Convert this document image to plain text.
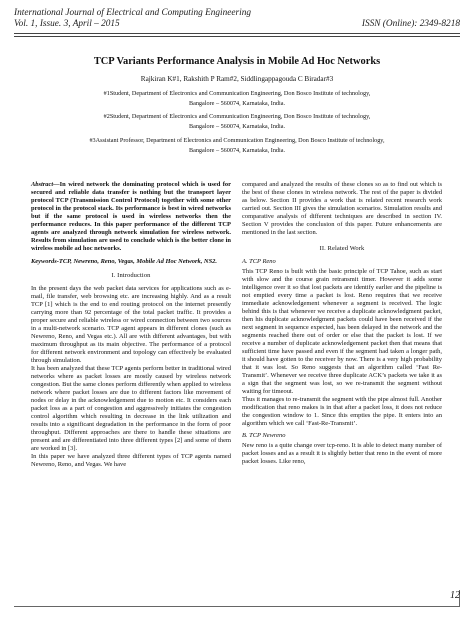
International Journal of Electrical and Computing Engineering
Vol. 1, Issue. 3, April – 2015	ISSN (Online): 2349-8218
TCP Variants Performance Analysis in Mobile Ad Hoc Networks
Rajkiran K#1, Rakshith P Ram#2, Siddlingappagouda C Biradar#3
#1Student, Department of Electronics and Communication Engineering, Don Bosco Institute of technology,
Bangalore – 560074, Karnataka, India.
#2Student, Department of Electronics and Communication Engineering, Don Bosco Institute of technology,
Bangalore – 560074, Karnataka, India.
#3Assistant Professor, Department of Electronics and Communication Engineering, Don Bosco Institute of technology,
Bangalore – 560074, Karnataka, India.

Abstract—In wired network the dominating protocol which is used for secured and reliable data transfer is nothing but the transport layer protocol TCP (Transmission Control Protocol) together with some other protocol in the protocol stack. Its performance is best in wired networks but if the same protocol is used in wireless networks then the performance reduces. In this paper performance of the different TCP agents are analyzed through network simulation for wireless network. Results from simulation are used to conclude which is the better clone in wireless mobile ad hoc networks.

Keywords-TCP, Newreno, Reno, Vegas, Mobile Ad Hoc Network, NS2.
I. Introduction

In the present days the web packet data services for applications such as e-mail, file transfer, web browsing etc. are increasing highly. And as a result TCP [1] which is the end to end routing protocol on the internet presently carrying more than 92 percentage of the total packet traffic. It provides a proper secure and reliable wireless or wired connection between two sources in a multi-network scenario. TCP agent appears in different clones (such as Newreno, Reno, and Vegas etc.). All are with different advantages, but with maximum throughput as its main objective. The performance of a protocol for different network environment and topology can effectively be evaluated through simulation.

It has been analyzed that these TCP agents perform better in traditional wired networks where as packet losses are mostly caused by wireless network congestion. But the same clones perform differently when applied to wireless network where packet losses are due to different factors like movement of nodes or delay in the acknowledgement due to motion etc. It considers each packet loss as a part of congestion and aggressively initiates the congestion control algorithm which resulting in decrease in the link utilization and results into a significant degradation in the performance in the form of poor throughput. Different approaches are there to handle these situations are present and are differentiated into three different types [2] and some of them are worked in [3].

In this paper we have analyzed three different types of TCP agents named Newreno, Reno, and Vegas. We have

compared and analyzed the results of these clones so as to find out which is the best of these clones in wireless network. The rest of the paper is divided as below. Section II provides a work that is related recent research work carried out. Section III gives the simulation scenarios. Simulation results and comparative analysis of different techniques are described in section IV. Section V provides the conclusion of this paper. Future enhancements are mentioned in the last section.

II. Related Work
A. TCP Reno

This TCP Reno is built with the basic principle of TCP Tahoe, such as start with slow and the course grain retransmit timer. However it adds some intelligence over it so that lost packets are identify earlier and the pipeline is not emptied every time a packet is lost. Reno requires that we receive immediate acknowledgement whenever a segment is received. The logic behind this is that whenever we receive a duplicate acknowledgment packet, then his duplicate acknowledgment packets could have been received if the next segment in sequence expected, has been delayed in the network and the segments reached there out of order or else that the packet is lost. If we receive a number of duplicate acknowledgement packet then that means that sufficient time have passed and even if the segment had taken a longer path, it should have gotten to the receiver by now. There is a very high probability that it was lost. So Reno suggests that an algorithm called ‘Fast Re-Transmit’. Whenever we receive three duplicate ACK’s packets we take it as a sign that the segment was lost, so we re-transmit the segment without waiting for timeout.

Thus it manages to re-transmit the segment with the pipe almost full. Another modification that reno makes is in that after a packet loss, it does not reduce the congestion window to 1. Since this empties the pipe. It enters into an algorithm which we call ‘Fast-Re-Transmit’.

B. TCP Newreno

New reno is a quite change over tcp-reno. It is able to detect many number of packet losses and as a result it is slightly better that reno in the event of more packet losses. Like reno,

12
